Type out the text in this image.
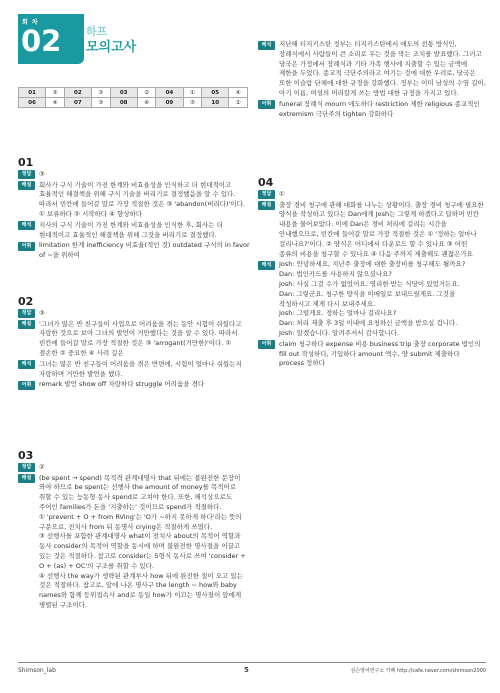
회 차
02 하프
모의고사
01	③	02	③	03	②	04	①	05	④
06	④	07	③	08	④	09	③	10	②
01
정답	③
해설	회사가 구식 기술이 가진 한계와 비효율성을 인식하고 더 현대적이고 효율적인 해결책을 위해 구식 기술을 버리기로 결정했음을 알 수 있다. 따라서 빈칸에 들어갈 말로 가장 적절한 것은 ③ 'abandon(버리다)'이다. ① 보류하다 ② 시작하다 ④ 향상하다
해석	지사의 구식 기술이 가진 한계와 비효율성을 인식한 후, 회사는 더 현대적이고 효율적인 해결책을 위해 그것을 버리기로 결정했다.
어휘	limitation 한계 inefficiency 비효율(적인 것) outdated 구식의 in favor of ~을 위하여
02
정답	③
해설	'그녀가 많은 반 친구들이 사업으로 어려움을 겪는 동안 시험이 쉬웠다고 자랑한 것으로 보아 그녀의 발언이 거만했다는 것을 알 수 있다. 따라서 빈칸에 들어갈 말로 가장 적절한 것은 ③ 'arrogant(거만한)'이다. ① 겸손한 ② 중요한 ④ 사려 깊은
해석	그녀는 많은 반 친구들이 어려움을 겪은 반면에, 시험이 얼마나 쉬웠는지 자랑하며 거만한 발언을 했다.
어휘	remark 발언 show off 자랑하다 struggle 어려움을 겪다
03
정답	②
해설	(be spent → spend) 목적격 관계대명사 that 뒤에는 불완전한 문장이 와야 하므로 be spent는 선행사 the amount of money를 목적어로 취할 수 있는 능동형 동사 spend로 고쳐야 한다. 또한, 해석상으로도 주어인 families가 돈을 '지출하는' 것이므로 spend가 적절하다.
① 'prevent + O + from RVing'는 'O가 ~하지 못하게 하다'라는 뜻의 구문으로, 전치사 from 뒤 동명사 crying은 적절하게 쓰였다.
③ 선행사를 포함한 관계대명사 what이 전치사 about의 목적어 역할과 동사 consider의 목적어 역할을 동시에 하며 불완전한 명사절을 이끌고 있는 것은 적절하다. 참고로 consider는 5형식 동사로 쓰여 'consider + O + (as) + OC'의 구조를 취할 수 있다.
④ 선행사 the way가 생략된 관계부사 how 뒤에 완전한 절이 오고 있는 것은 적절하다. 참고로, 앞에 나온 명사구 the length ~ how와 baby names와 함께 등위접속사 and로 동일 how가 이끄는 명사절이 앞에게 병렬된 구조이다.
해석	지난해 티지키스탄 정부는 티지키스탄에서 애도의 전통 방식인, 장례식에서 사람들이 큰 소리로 우는 것을 막는 조치를 발표했다. 그러고 당국은 가정에서 장례식과 기타 가족 행사에 지출할 수 있는 금액에 제한을 두었다. 종교적 극단주의라고 여기는 것에 대한 우려로, 당국은 또한 이슬람 단체에 대한 규정을 강화했다. 정부는 이미 남성의 수염 길이, 아기 이름, 여성의 머리칼게 쓰는 방법 대한 규정을 가지고 있다.
어휘	funeral 장례식 mourn 애도하다 restriction 제한 religious 종교적인 extremism 극단주의 tighten 강화하다
04
정답	①
해설	출장 경비 청구에 관해 대화를 나누는 상황이다. 출장 경비 청구에 필요한 양식을 작성하고 있다는 Dan에게 Josh는 그렇게 하겠다고 답하며 빈칸 내용을 물어보았다. 이에 Dan은 경비 처리에 걸리는 시간을 안내했으므로, 빈칸에 들어갈 말로 가장 적절한 것은 ① '정하는 얼마나 걸리나요?'이다. ② 양식은 어디에서 다운로드 할 수 있나요 ③ 어떤 종류의 비용을 청구할 수 있나요 ④ 다음 주까지 제출해도 괜찮은가요
해석	Josh: 안녕하세요, 지난주 출장에 대한 출장비를 청구해도 될까요?
Dan: 법인카드를 사용하지 않으셨나요?
Josh: 사실 그걸 수가 없었어요. 영리한 받는 식당이 있었거든요.
Dan: 그렇군요. 청구한 양식을 이메일로 보내드릴게요. 그것을 작성하시고 제게 다시 보내주세요.
Josh: 그럴게요. 정하는 얼마나 걸리나요?
Dan: 처리 제출 후 3일 이내에 요청하신 금액을 받으실 겁니다.
Josh: 알겠습니다. 알려주셔서 감사합니다.
어휘	claim 청구하다 expense 비용 business trip 출장 corporate 법인의 fill out 작성하다, 기입하다 amount 액수, 양 submit 제출하다 process 정하다
Shimson_lab	5	심슨영어연구소 카페 http://cafe.naver.com/shimson2000
